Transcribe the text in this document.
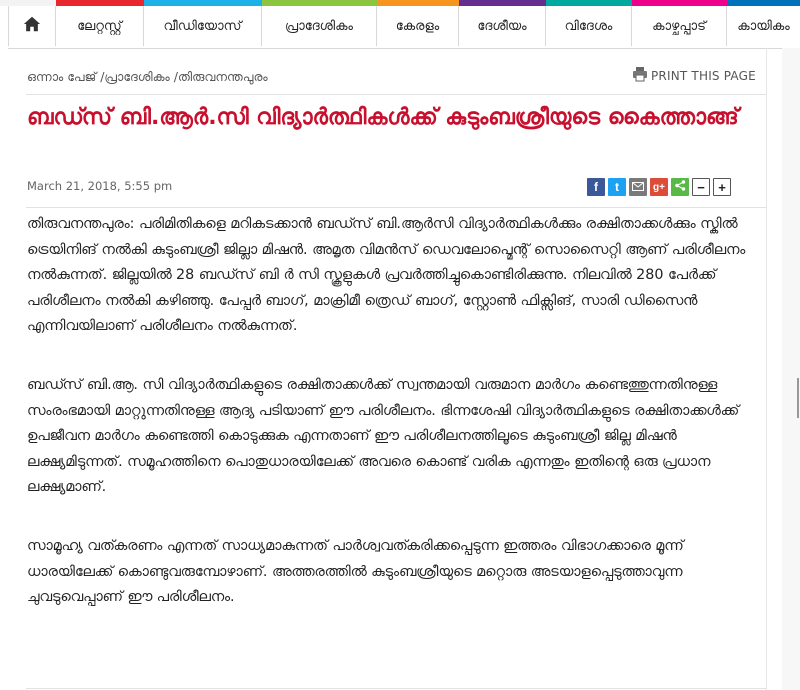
ലേറ്റസ്റ്റ്	വീഡിയോസ്	പ്രാദേശികം	കേരളം	ദേശീയം	വിദേശം	കാഴ്ചപ്പാട് കായികം
ഒന്നാം പേജ് /പ്രാദേശികം /തിരുവനന്തപുരം	PRINT THIS PAGE
ബഡ്സ് ബി.ആർ.സി വിദ്യാർത്ഥികൾക്ക് കുടുംബശ്രീയുടെ കൈത്താങ്ങ്
March 21, 2018, 5:55 pm	f	t	g+	−	+

തിരുവനന്തപുരം: പരിമിതികളെ മറികടക്കാൻ ബഡ്സ് ബി.ആർസി വിദ്യാർത്ഥികൾക്കും രക്ഷിതാക്കൾക്കും സ്കിൽ ട്രെയിനിങ് നൽകി കുടുംബശ്രീ ജില്ലാ മിഷൻ. അമൃത വിമൻസ് ഡെവലോപ്മെന്റ് സൊസൈറ്റി ആണ് പരിശീലനം നൽകുന്നത്. ജില്ലയിൽ 28 ബഡ്സ് ബി ർ സി സ്കൂളുകൾ പ്രവർത്തിച്ചുകൊണ്ടിരിക്കുന്നു. നിലവിൽ 280 പേർക്ക് പരിശീലനം നൽകി കഴിഞ്ഞു. പേപ്പർ ബാഗ്, മാക്രിമീ ത്രെഡ് ബാഗ്, സ്റ്റോൺ ഫിക്സിങ്, സാരി ഡിസൈൻ എന്നിവയിലാണ് പരിശീലനം നൽകുന്നത്.

ബഡ്സ് ബി.ആ. സി വിദ്യാർത്ഥികളുടെ രക്ഷിതാക്കൾക്ക് സ്വന്തമായി വരുമാന മാർഗം കണ്ടെത്തുന്നതിനുള്ള സംരംഭമായി മാറ്റുന്നതിനുള്ള ആദ്യ പടിയാണ് ഈ പരിശീലനം. ഭിന്നശേഷി വിദ്യാർത്ഥികളുടെ രക്ഷിതാക്കൾക്ക് ഉപജീവന മാർഗം കണ്ടെത്തി കൊടുക്കുക എന്നതാണ് ഈ പരിശീലനത്തിലൂടെ കുടുംബശ്രീ ജില്ല മിഷൻ ലക്ഷ്യമിടുന്നത്. സമൂഹത്തിനെ പൊതുധാരയിലേക്ക് അവരെ കൊണ്ട് വരിക എന്നതും ഇതിന്റെ ഒരു പ്രധാന ലക്ഷ്യമാണ്.

സാമൂഹ്യ വത്കരണം എന്നത് സാധ്യമാകുന്നത് പാർശ്വവത്കരിക്കപ്പെടുന്ന ഇത്തരം വിഭാഗക്കാരെ മൂന്ന് ധാരയിലേക്ക് കൊണ്ടുവരുമ്പോഴാണ്. അത്തരത്തിൽ കുടുംബശ്രീയുടെ മറ്റൊരു അടയാളപ്പെടുത്താവുന്ന ചുവടുവെപ്പാണ് ഈ പരിശീലനം.
